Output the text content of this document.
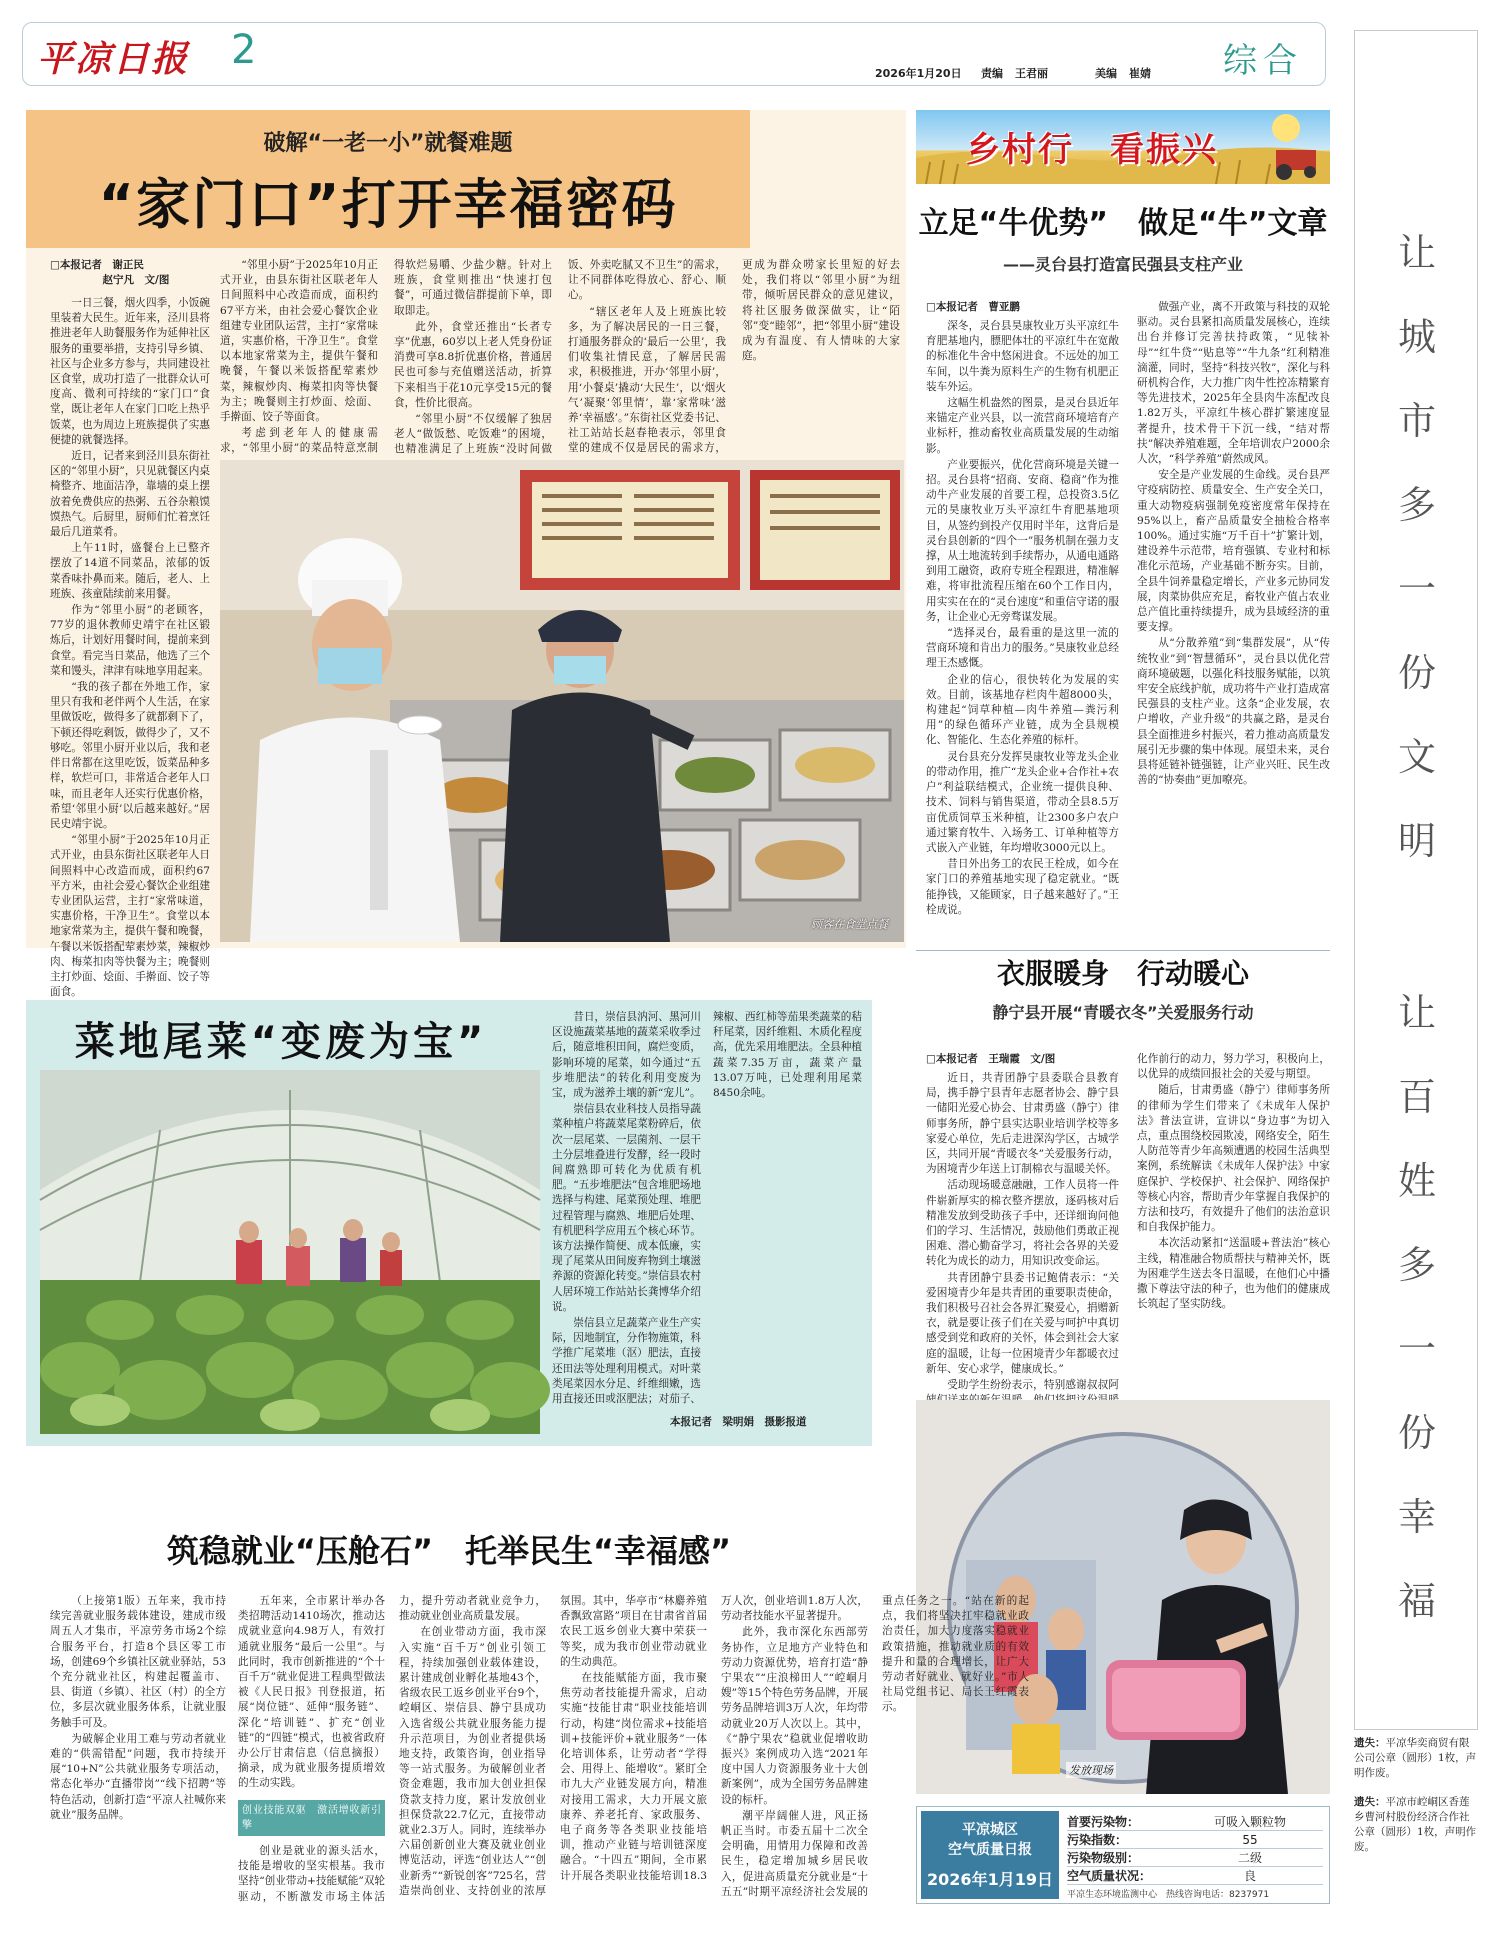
平凉日报 2
2026年1月20日 责编 王君丽	美编 崔婧 综合
让
城
市
多
一
份
文
明
让
百
姓
多
一
份
幸
福
遗失：平凉华奕商贸有限公司公章（圆形）1枚，声明作废。
遗失：平凉市崆峒区香莲乡曹河村股份经济合作社公章（圆形）1枚，声明作废。
破解“一老一小”就餐难题
“家门口”打开幸福密码
□本报记者　谢正民
　　　　　赵宁凡　文/图

一日三餐，烟火四季，小饭碗里装着大民生。近年来，泾川县将推进老年人助餐服务作为延伸社区服务的重要举措，支持引导乡镇、社区与企业多方参与，共同建设社区食堂，成功打造了一批群众认可度高、微利可持续的“家门口”食堂，既让老年人在家门口吃上热乎饭菜，也为周边上班族提供了实惠便捷的就餐选择。

近日，记者来到泾川县东街社区的“邻里小厨”，只见就餐区内桌椅整齐、地面洁净，靠墙的桌上摆放着免费供应的热粥、五谷杂粮馍馍热气。后厨里，厨师们忙着烹饪最后几道菜肴。

上午11时，盛餐台上已整齐摆放了14道不同菜品，浓郁的饭菜香味扑鼻而来。随后，老人、上班族、孩童陆续前来用餐。

作为“邻里小厨”的老顾客，77岁的退休教师史靖宇在社区锻炼后，计划好用餐时间，提前来到食堂。看完当日菜品，他选了三个菜和馒头，津津有味地享用起来。

“我的孩子都在外地工作，家里只有我和老伴两个人生活，在家里做饭吃，做得多了就都剩下了，下顿还得吃剩饭，做得少了，又不够吃。邻里小厨开业以后，我和老伴日常都在这里吃饭，饭菜品种多样，软烂可口，非常适合老年人口味，而且老年人还实行优惠价格，希望‘邻里小厨’以后越来越好。”居民史靖宇说。

“邻里小厨”于2025年10月正式开业，由县东街社区联老年人日间照料中心改造而成，面积约67平方米，由社会爱心餐饮企业组建专业团队运营，主打“家常味道，实惠价格，干净卫生”。食堂以本地家常菜为主，提供午餐和晚餐，午餐以米饭搭配荤素炒菜，辣椒炒肉、梅菜扣肉等快餐为主；晚餐则主打炒面、烩面、手擀面、饺子等面食。

“邻里小厨”于2025年10月正式开业，由县东街社区联老年人日间照料中心改造而成，面积约67平方米，由社会爱心餐饮企业组建专业团队运营，主打“家常味道，实惠价格，干净卫生”。食堂以本地家常菜为主，提供午餐和晚餐，午餐以米饭搭配荤素炒菜，辣椒炒肉、梅菜扣肉等快餐为主；晚餐则主打炒面、烩面、手擀面、饺子等面食。

考虑到老年人的健康需求，“邻里小厨”的菜品特意烹制得软烂易嚼、少盐少糖。针对上班族，食堂则推出“快速打包餐”，可通过微信群提前下单，即取即走。

此外，食堂还推出“长者专享”优惠，60岁以上老人凭身份证消费可享8.8折优惠价格，普通居民也可参与充值赠送活动，折算下来相当于花10元享受15元的餐食，性价比很高。

“邻里小厨”不仅缓解了独居老人“做饭愁、吃饭难”的困境，也精准满足了上班族“没时间做饭、外卖吃腻又不卫生”的需求，让不同群体吃得放心、舒心、顺心。

“辖区老年人及上班族比较多，为了解决居民的一日三餐，打通服务群众的‘最后一公里’，我们收集社情民意，了解居民需求，积极推进，开办‘邻里小厨’，用‘小餐桌’撬动‘大民生’，以‘烟火气’凝聚‘邻里情’，靠‘家常味’滋养‘幸福感’。”东街社区党委书记、社工站站长赵春艳表示，邻里食堂的建成不仅是居民的需求方，更成为群众唠家长里短的好去处，我们将以“邻里小厨”为纽带，倾听居民群众的意见建议，将社区服务做深做实，让“陌邻”变“睦邻”，把“邻里小厨”建设成为有温度、有人情味的大家庭。

顾客在食堂点餐
乡村行　看振兴
立足“牛优势”　做足“牛”文章
——灵台县打造富民强县支柱产业
□本报记者　曹亚鹏

深冬，灵台县昊康牧业万头平凉红牛育肥基地内，膘肥体壮的平凉红牛在宽敞的标准化牛舍中悠闲进食。不远处的加工车间，以牛粪为原料生产的生物有机肥正装车外运。

这幅生机盎然的图景，是灵台县近年来锚定产业兴县，以一流营商环境培育产业标杆，推动畜牧业高质量发展的生动缩影。

产业要振兴，优化营商环境是关键一招。灵台县将“招商、安商、稳商”作为推动牛产业发展的首要工程，总投资3.5亿元的昊康牧业万头平凉红牛育肥基地项目，从签约到投产仅用时半年，这背后是灵台县创新的“四个一”服务机制在强力支撑，从土地流转到手续帮办，从通电通路到用工融资，政府专班全程跟进，精准解难，将审批流程压缩在60个工作日内，用实实在在的“灵台速度”和重信守诺的服务，让企业心无旁骛谋发展。

“选择灵台，最看重的是这里一流的营商环境和肯出力的服务。”昊康牧业总经理王杰感慨。

企业的信心，很快转化为发展的实效。目前，该基地存栏肉牛超8000头，构建起“饲草种植—肉牛养殖—粪污利用”的绿色循环产业链，成为全县规模化、智能化、生态化养殖的标杆。

灵台县充分发挥昊康牧业等龙头企业的带动作用，推广“龙头企业+合作社+农户”利益联结模式，企业统一提供良种、技术、饲料与销售渠道，带动全县8.5万亩优质饲草玉米种植，让2300多户农户通过繁育牧牛、入场务工、订单种植等方式嵌入产业链，年均增收3000元以上。

昔日外出务工的农民王栓成，如今在家门口的养殖基地实现了稳定就业。“既能挣钱，又能顾家，日子越来越好了。”王栓成说。

做强产业，离不开政策与科技的双轮驱动。灵台县紧扣高质量发展核心，连续出台并修订完善扶持政策，“见犊补母”“红牛贷”“贴息等”“牛九条”红利精准滴灌，同时，坚持“科技兴牧”，深化与科研机构合作，大力推广肉牛性控冻精繁育等先进技术，2025年全县肉牛冻配改良1.82万头，平凉红牛核心群扩繁速度显著提升，技术骨干下沉一线，“结对帮扶”解决养殖难题，全年培训农户2000余人次，“科学养殖”蔚然成风。

安全是产业发展的生命线。灵台县严守疫病防控、质量安全、生产安全关口，重大动物疫病强制免疫密度常年保持在95%以上，畜产品质量安全抽检合格率100%。通过实施“万千百十”扩繁计划，建设养牛示范带，培育强镇、专业村和标准化示范场，产业基础不断夯实。目前，全县牛饲养量稳定增长，产业多元协同发展，肉菜协供应充足，畜牧业产值占农业总产值比重持续提升，成为县域经济的重要支撑。

从“分散养殖”到“集群发展”，从“传统牧业”到“智慧循环”，灵台县以优化营商环境破题，以强化科技服务赋能，以筑牢安全底线护航，成功将牛产业打造成富民强县的支柱产业。这条“企业发展，农户增收，产业升级”的共赢之路，是灵台县全面推进乡村振兴，着力推动高质量发展引无步骤的集中体现。展望未来，灵台县将延链补链强链，让产业兴旺、民生改善的“协奏曲”更加嘹亮。

衣服暖身　行动暖心
静宁县开展“青暖衣冬”关爱服务行动
□本报记者　王瑞霞　文/图

近日，共青团静宁县委联合县教育局，携手静宁县青年志愿者协会、静宁县一储阳光爱心协会、甘肃勇盛（静宁）律师事务所，静宁县实达职业培训学校等多家爱心单位，先后走进深沟学区，古城学区，共同开展“青暖衣冬”关爱服务行动，为困境青少年送上订制棉衣与温暖关怀。

活动现场暖意融融，工作人员将一件件崭新厚实的棉衣整齐摆放，逐码核对后精准发放到受助孩子手中，还详细询问他们的学习、生活情况，鼓励他们勇敢正视困难、潜心勤奋学习，将社会各界的关爱转化为成长的动力，用知识改变命运。

共青团静宁县委书记鲍倩表示：“关爱困境青少年是共青团的重要职责使命，我们积极号召社会各界汇聚爱心，捐赠新衣，就是要让孩子们在关爱与呵护中真切感受到党和政府的关怀，体会到社会大家庭的温暖，让每一位困境青少年都暖衣过新年、安心求学，健康成长。”

受助学生纷纷表示，特别感谢叔叔阿 化作前行的动力，努力学习，积极向上，以优异的成绩回报社会的关爱与期望。

随后，甘肃勇盛（静宁）律师事务所的律师为学生们带来了《未成年人保护法》普法宣讲，宣讲以“身边事”为切入点，重点围绕校园欺凌，网络安全，陌生人防范等青少年高频遭遇的校园生活典型案例，系统解读《未成年人保护法》中家庭保护、学校保护、社会保护、网络保护等核心内容，帮助青少年掌握自我保护的方法和技巧，有效提升了他们的法治意识和自我保护能力。

本次活动紧扣“送温暖+普法治”核心主线，精准融合物质帮扶与精神关怀，既为困难学生送去冬日温暖，在他们心中播撒下尊法守法的种子，也为他们的健康成长筑起了坚实防线。

发放现场
平凉城区
空气质量日报
2026年1月19日
首要污染物：	可吸入颗粒物
污染指数：	55
污染物级别：	二级
空气质量状况：	良
平凉生态环境监测中心　热线咨询电话：8237971
菜地尾菜“变废为宝”

昔日，崇信县汭河、黑河川区设施蔬菜基地的蔬菜采收季过后，随意堆积田间，腐烂变质，影响环境的尾菜，如今通过“五步堆肥法”的转化利用变废为宝，成为滋养土壤的新“宠儿”。

崇信县农业科技人员指导蔬菜种植户将蔬菜尾菜粉碎后，依次一层尾菜、一层菌剂、一层干土分层堆叠进行发酵，经一段时间腐熟即可转化为优质有机肥。“五步堆肥法”包含堆肥场地选择与构建、尾菜预处理、堆肥过程管理与腐熟、堆肥后处理、有机肥科学应用五个核心环节。该方法操作简便、成本低廉，实现了尾菜从田间废弃物到土壤滋养源的资源化转变。”崇信县农村人居环境工作站站长龚博华介绍说。

崇信县立足蔬菜产业生产实际，因地制宜，分作物施策，科学推广尾菜堆（沤）肥法，直接还田法等处理利用模式。对叶菜类尾菜因水分足、纤维细嫩，选用直接还田或沤肥法；对茄子、辣椒、西红柿等茄果类蔬菜的秸秆尾菜，因纤维粗、木质化程度高，优先采用堆肥法。全县种植蔬菜7.35万亩，蔬菜产量13.07万吨，已处理利用尾菜8450余吨。

本报记者　梁明娟　摄影报道
筑稳就业“压舱石”　托举民生“幸福感”

（上接第1版）五年来，我市持续完善就业服务载体建设，建成市级周五人才集市，平凉劳务市场2个综合服务平台，打造8个县区零工市场，创建69个乡镇社区就业驿站，53个充分就业社区，构建起覆盖市、县、街道（乡镇）、社区（村）的全方位，多层次就业服务体系，让就业服务触手可及。

为破解企业用工难与劳动者就业难的“供需错配”问题，我市持续开展“10+N”公共就业服务专项活动，常态化举办“直播带岗”“线下招聘”等特色活动，创新打造“平凉人社喊你来就业”服务品牌。

五年来，全市累计举办各类招聘活动1410场次，推动达成就业意向4.98万人，有效打通就业服务“最后一公里”。与此同时，我市创新推进的“个十百千万”就业促进工程典型做法被《人民日报》刊登报道，拓展“岗位链”、延伸“服务链”、深化“培训链”、扩充“创业链”的“四链”模式，也被省政府办公厅甘肃信息（信息摘报）摘录，成为就业服务提质增效的生动实践。

创业技能双驱　激活增收新引擎

创业是就业的源头活水，技能是增收的坚实根基。我市坚持“创业带动+技能赋能”双轮驱动，不断激发市场主体活力，提升劳动者就业竞争力，推动就业创业高质量发展。

在创业带动方面，我市深入实施“百千万”创业引领工程，持续加强创业载体建设，累计建成创业孵化基地43个，省级农民工返乡创业平台9个，崆峒区、崇信县、静宁县成功入选省级公共就业服务能力提升示范项目，为创业者提供场地支持，政策咨询，创业指导等一站式服务。为破解创业者资金难题，我市加大创业担保贷款支持力度，累计发放创业担保贷款22.7亿元，直接带动就业2.3万人。同时，连续举办六届创新创业大赛及就业创业博览活动，评选“创业达人”“创业新秀”“新锐创客”725名，营造崇尚创业、支持创业的浓厚氛围。其中，华亭市“林麝养殖香飘致富路”项目在甘肃省首届农民工返乡创业大赛中荣获一等奖，成为我市创业带动就业的生动典范。

在技能赋能方面，我市聚焦劳动者技能提升需求，启动实施“技能甘肃”职业技能培训行动，构建“岗位需求+技能培训+技能评价+就业服务”一体化培训体系，让劳动者“学得会、用得上、能增收”。紧盯全市九大产业链发展方向，精准对接用工需求，大力开展文旅康养、养老托育、家政服务、电子商务等各类职业技能培训，推动产业链与培训链深度融合。“十四五”期间，全市累计开展各类职业技能培训18.3万人次，创业培训1.8万人次，劳动者技能水平显著提升。

此外，我市深化东西部劳务协作，立足地方产业特色和劳动力资源优势，培育打造“静宁果农”“庄浪梯田人”“崆峒月嫂”等15个特色劳务品牌，开展劳务品牌培训3万人次，年均带动就业20万人次以上。其中，《“静宁果农”稳就业促增收助振兴》案例成功入选“2021年度中国人力资源服务业十大创新案例”，成为全国劳务品牌建设的标杆。

潮平岸阔催人进，风正扬帆正当时。市委五届十二次全会明确，用情用力保障和改善民生，稳定增加城乡居民收入，促进高质量充分就业是“十五五”时期平凉经济社会发展的重点任务之一。“站在新的起点，我们将坚决扛牢稳就业政治责任，加大力度落实稳就业政策措施，推动就业质的有效提升和量的合理增长，让广大劳动者好就业、就好业。”市人社局党组书记、局长王红霞表示。
